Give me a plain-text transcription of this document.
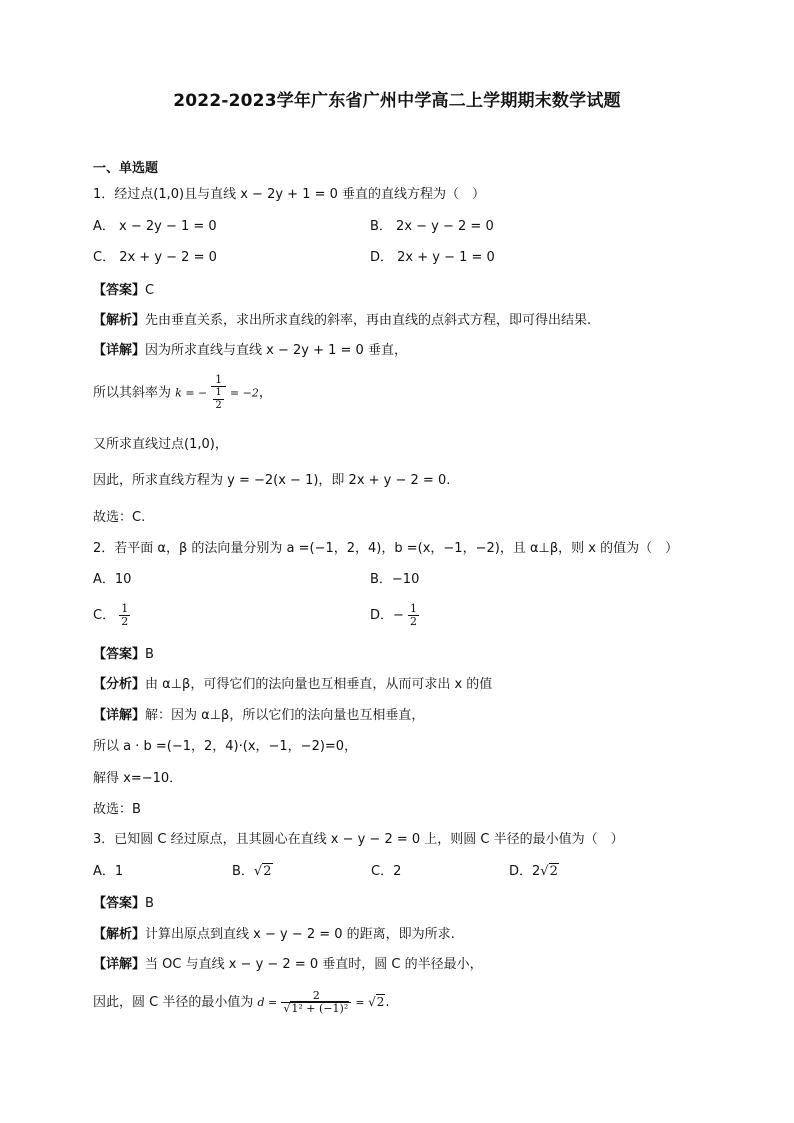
2022-2023学年广东省广州中学高二上学期期末数学试题
一、单选题
1．经过点(1,0)且与直线 x − 2y + 1 = 0 垂直的直线方程为（　）
A． x − 2y − 1 = 0	B． 2x − y − 2 = 0
C． 2x + y − 2 = 0	D． 2x + y − 1 = 0
【答案】C
【解析】先由垂直关系，求出所求直线的斜率，再由直线的点斜式方程，即可得出结果.
【详解】因为所求直线与直线 x − 2y + 1 = 0 垂直，
所以其斜率为 k = − $\frac{1}{\frac{1}{2}} = -2$，
又所求直线过点(1,0)，
因此，所求直线方程为 y = −2(x − 1)，即 2x + y − 2 = 0.
故选：C.
2．若平面 α，β 的法向量分别为 a =(−1，2，4)，b =(x，−1，−2)，且 α⊥β，则 x 的值为（　）
A．10	B．−10
C． $\frac{1}{2}$	D．− $\frac{1}{2}$
【答案】B
【分析】由 α⊥β，可得它们的法向量也互相垂直，从而可求出 x 的值
【详解】解：因为 α⊥β，所以它们的法向量也互相垂直，
所以 a · b =(−1，2，4)·(x，−1，−2)=0，
解得 x=−10．
故选：B
3．已知圆 C 经过原点，且其圆心在直线 x − y − 2 = 0 上，则圆 C 半径的最小值为（　）
A．1	B．√2	C．2	D．2√2
【答案】B
【解析】计算出原点到直线 x − y − 2 = 0 的距离，即为所求.
【详解】当 OC 与直线 x − y − 2 = 0 垂直时，圆 C 的半径最小，
因此，圆 C 半径的最小值为 $d = \frac{2}{\text{√1² + (−1)²}} = √2$.
